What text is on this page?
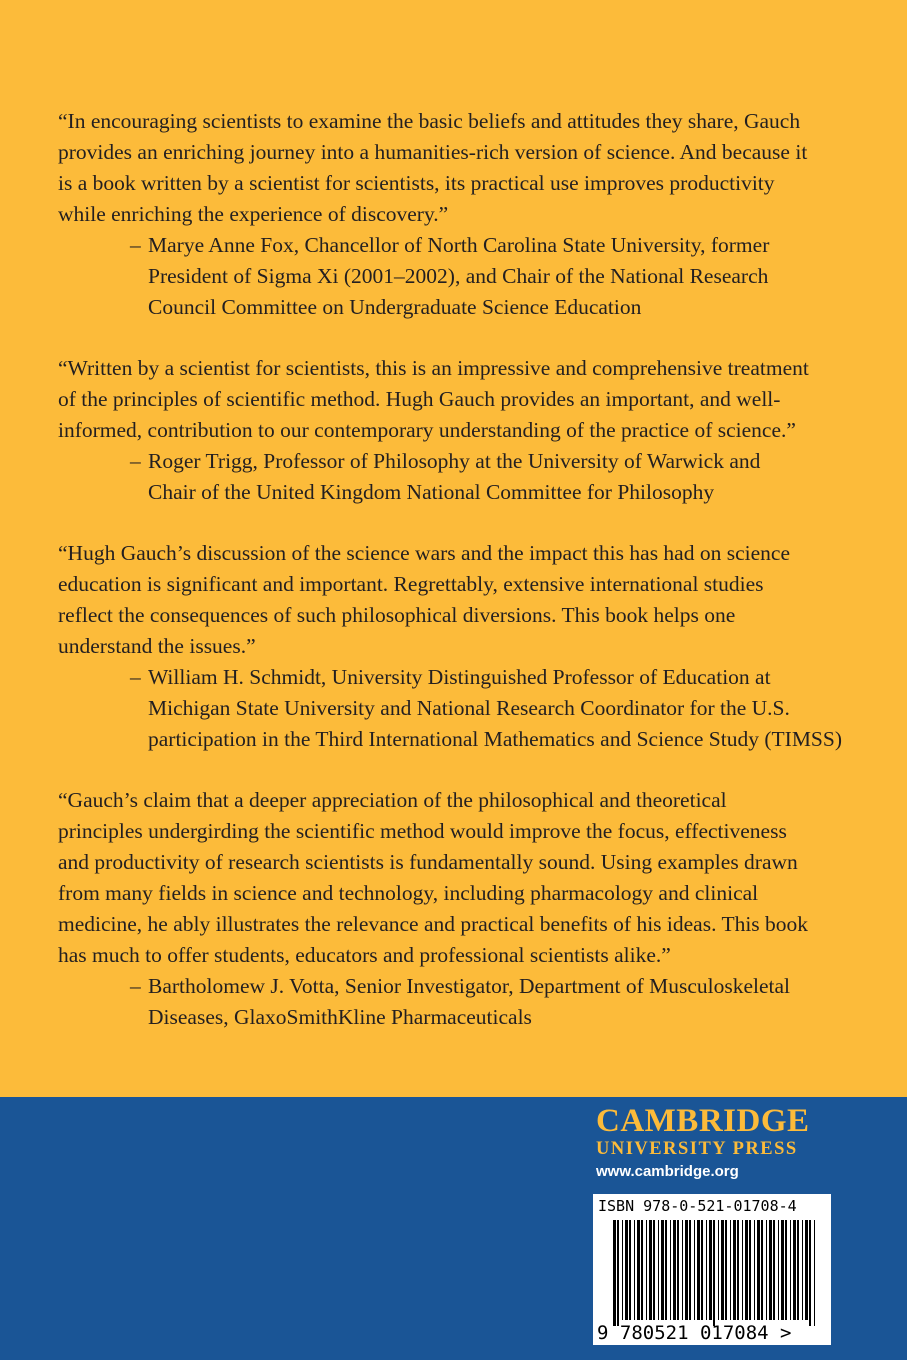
“In encouraging scientists to examine the basic beliefs and attitudes they share, Gauch

provides an enriching journey into a humanities-rich version of science. And because it

is a book written by a scientist for scientists, its practical use improves productivity

while enriching the experience of discovery.”

– Marye Anne Fox, Chancellor of North Carolina State University, former

President of Sigma Xi (2001–2002), and Chair of the National Research

Council Committee on Undergraduate Science Education

“Written by a scientist for scientists, this is an impressive and comprehensive treatment

of the principles of scientific method. Hugh Gauch provides an important, and well-

informed, contribution to our contemporary understanding of the practice of science.”

– Roger Trigg, Professor of Philosophy at the University of Warwick and

Chair of the United Kingdom National Committee for Philosophy

“Hugh Gauch’s discussion of the science wars and the impact this has had on science

education is significant and important. Regrettably, extensive international studies

reflect the consequences of such philosophical diversions. This book helps one

understand the issues.”

– William H. Schmidt, University Distinguished Professor of Education at

Michigan State University and National Research Coordinator for the U.S.

participation in the Third International Mathematics and Science Study (TIMSS)

“Gauch’s claim that a deeper appreciation of the philosophical and theoretical

principles undergirding the scientific method would improve the focus, effectiveness

and productivity of research scientists is fundamentally sound. Using examples drawn

from many fields in science and technology, including pharmacology and clinical

medicine, he ably illustrates the relevance and practical benefits of his ideas. This book

has much to offer students, educators and professional scientists alike.”

– Bartholomew J. Votta, Senior Investigator, Department of Musculoskeletal

Diseases, GlaxoSmithKline Pharmaceuticals

CAMBRIDGE

UNIVERSITY PRESS

www.cambridge.org

ISBN 978-0-521-01708-4
9 780521 017084 >
